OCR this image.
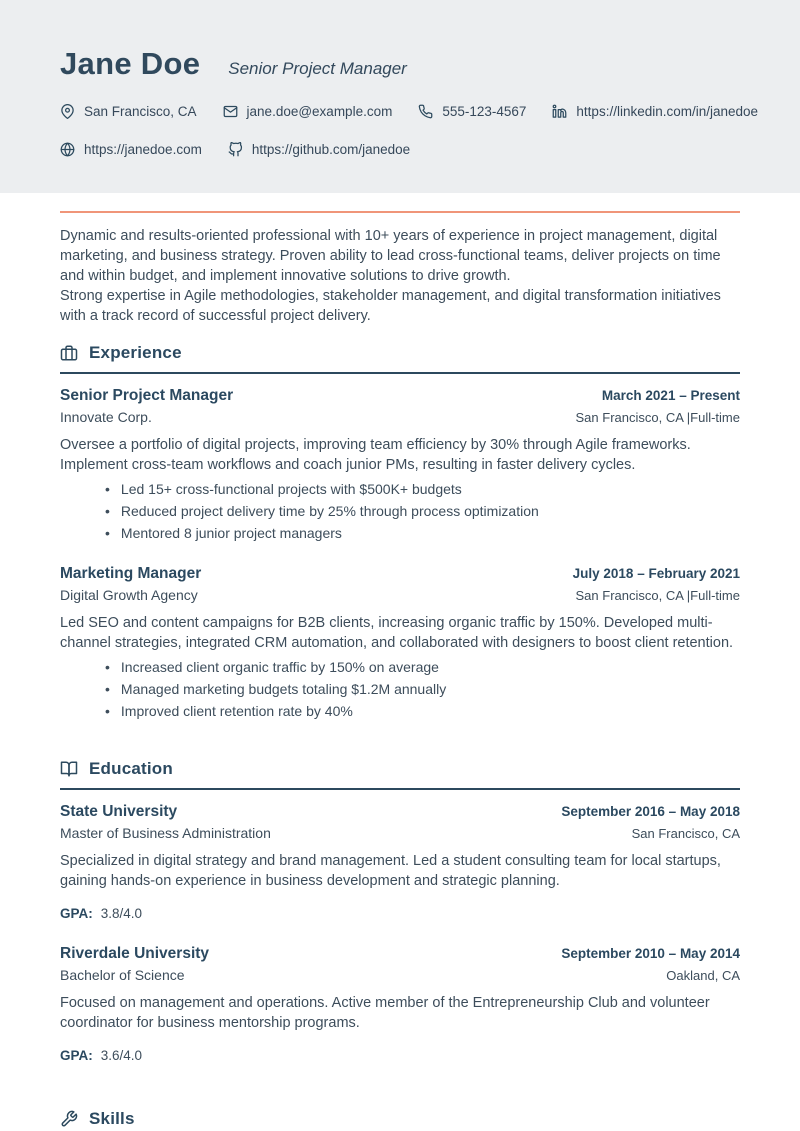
Jane Doe Senior Project Manager
San Francisco, CA	jane.doe@example.com	555-123-4567	https://linkedin.com/in/janedoe
https://janedoe.com	https://github.com/janedoe

Dynamic and results-oriented professional with 10+ years of experience in project management, digital marketing, and business strategy. Proven ability to lead cross-functional teams, deliver projects on time and within budget, and implement innovative solutions to drive growth.

Strong expertise in Agile methodologies, stakeholder management, and digital transformation initiatives with a track record of successful project delivery.

Experience
Senior Project Manager	March 2021 – Present
Innovate Corp.	San Francisco, CA |Full-time

Oversee a portfolio of digital projects, improving team efficiency by 30% through Agile frameworks. Implement cross-team workflows and coach junior PMs, resulting in faster delivery cycles.

• Led 15+ cross-functional projects with $500K+ budgets
• Reduced project delivery time by 25% through process optimization
• Mentored 8 junior project managers
Marketing Manager	July 2018 – February 2021
Digital Growth Agency	San Francisco, CA |Full-time

Led SEO and content campaigns for B2B clients, increasing organic traffic by 150%. Developed multi-channel strategies, integrated CRM automation, and collaborated with designers to boost client retention.

• Increased client organic traffic by 150% on average
• Managed marketing budgets totaling $1.2M annually
• Improved client retention rate by 40%
Education
State University	September 2016 – May 2018
Master of Business Administration	San Francisco, CA

Specialized in digital strategy and brand management. Led a student consulting team for local startups, gaining hands-on experience in business development and strategic planning.

GPA: 3.8/4.0
Riverdale University	September 2010 – May 2014
Bachelor of Science	Oakland, CA

Focused on management and operations. Active member of the Entrepreneurship Club and volunteer coordinator for business mentorship programs.

GPA: 3.6/4.0
Skills
